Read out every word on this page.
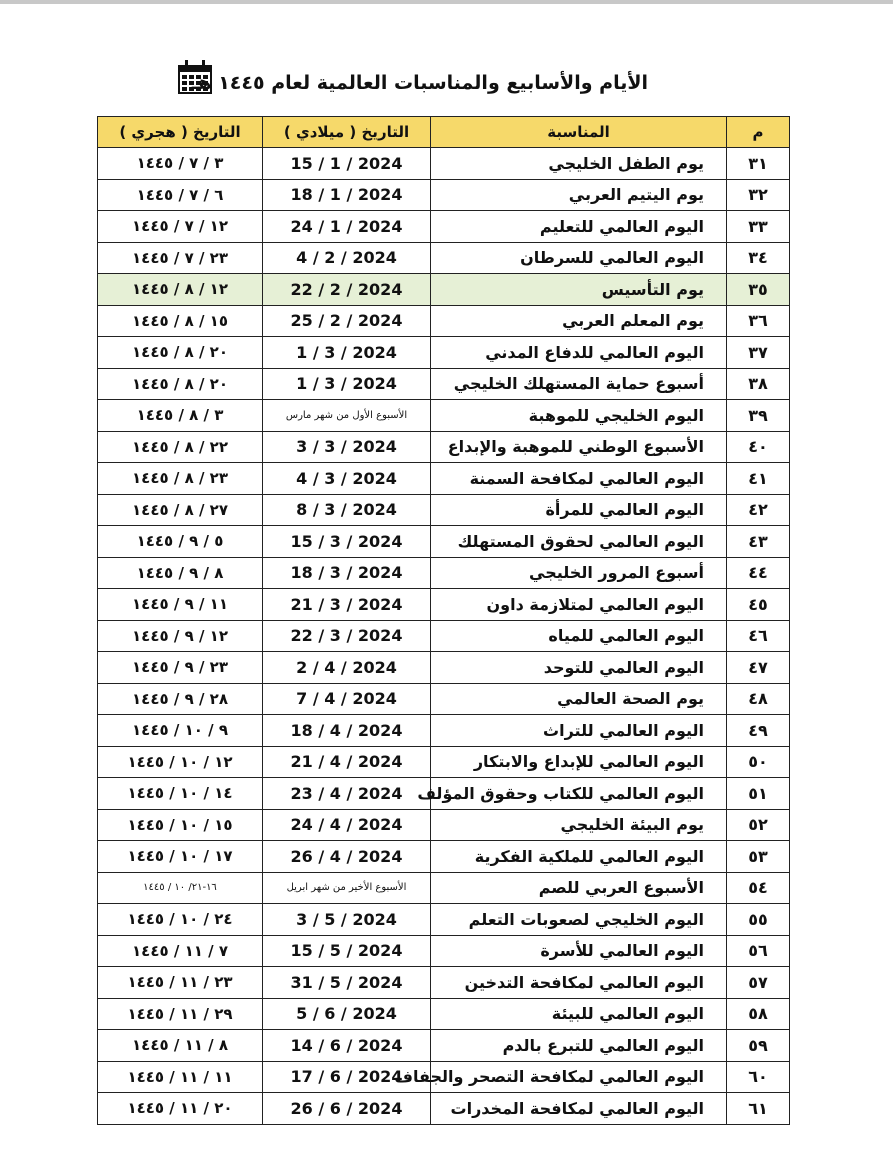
الأيام والأسابيع والمناسبات العالمية لعام ١٤٤٥ هـ
م	المناسبة	التاريخ ( ميلادي )	التاريخ ( هجري )
٣١	يوم الطفل الخليجي	15 / 1 / 2024	٣ / ٧ / ١٤٤٥
٣٢	يوم اليتيم العربي	18 / 1 / 2024	٦ / ٧ / ١٤٤٥
٣٣	اليوم العالمي للتعليم	24 / 1 / 2024	١٢ / ٧ / ١٤٤٥
٣٤	اليوم العالمي للسرطان	4 / 2 / 2024	٢٣ / ٧ / ١٤٤٥
٣٥	يوم التأسيس	22 / 2 / 2024	١٢ / ٨ / ١٤٤٥
٣٦	يوم المعلم العربي	25 / 2 / 2024	١٥ / ٨ / ١٤٤٥
٣٧	اليوم العالمي للدفاع المدني	1 / 3 / 2024	٢٠ / ٨ / ١٤٤٥
٣٨	أسبوع حماية المستهلك الخليجي	1 / 3 / 2024	٢٠ / ٨ / ١٤٤٥
٣٩	اليوم الخليجي للموهبة	الأسبوع الأول من شهر مارس	٣ / ٨ / ١٤٤٥
٤٠	الأسبوع الوطني للموهبة والإبداع	3 / 3 / 2024	٢٢ / ٨ / ١٤٤٥
٤١	اليوم العالمي لمكافحة السمنة	4 / 3 / 2024	٢٣ / ٨ / ١٤٤٥
٤٢	اليوم العالمي للمرأة	8 / 3 / 2024	٢٧ / ٨ / ١٤٤٥
٤٣	اليوم العالمي لحقوق المستهلك	15 / 3 / 2024	٥ / ٩ / ١٤٤٥
٤٤	أسبوع المرور الخليجي	18 / 3 / 2024	٨ / ٩ / ١٤٤٥
٤٥	اليوم العالمي لمتلازمة داون	21 / 3 / 2024	١١ / ٩ / ١٤٤٥
٤٦	اليوم العالمي للمياه	22 / 3 / 2024	١٢ / ٩ / ١٤٤٥
٤٧	اليوم العالمي للتوحد	2 / 4 / 2024	٢٣ / ٩ / ١٤٤٥
٤٨	يوم الصحة العالمي	7 / 4 / 2024	٢٨ / ٩ / ١٤٤٥
٤٩	اليوم العالمي للتراث	18 / 4 / 2024	٩ / ١٠ / ١٤٤٥
٥٠	اليوم العالمي للإبداع والابتكار	21 / 4 / 2024	١٢ / ١٠ / ١٤٤٥
٥١	اليوم العالمي للكتاب وحقوق المؤلف	23 / 4 / 2024	١٤ / ١٠ / ١٤٤٥
٥٢	يوم البيئة الخليجي	24 / 4 / 2024	١٥ / ١٠ / ١٤٤٥
٥٣	اليوم العالمي للملكية الفكرية	26 / 4 / 2024	١٧ / ١٠ / ١٤٤٥
٥٤	الأسبوع العربي للصم	الأسبوع الأخير من شهر ابريل	١٦-٢١/ ١٠ / ١٤٤٥
٥٥	اليوم الخليجي لصعوبات التعلم	3 / 5 / 2024	٢٤ / ١٠ / ١٤٤٥
٥٦	اليوم العالمي للأسرة	15 / 5 / 2024	٧ / ١١ / ١٤٤٥
٥٧	اليوم العالمي لمكافحة التدخين	31 / 5 / 2024	٢٣ / ١١ / ١٤٤٥
٥٨	اليوم العالمي للبيئة	5 / 6 / 2024	٢٩ / ١١ / ١٤٤٥
٥٩	اليوم العالمي للتبرع بالدم	14 / 6 / 2024	٨ / ١١ / ١٤٤٥
٦٠	اليوم العالمي لمكافحة التصحر والجفاف	17 / 6 / 2024	١١ / ١١ / ١٤٤٥
٦١	اليوم العالمي لمكافحة المخدرات	26 / 6 / 2024	٢٠ / ١١ / ١٤٤٥
